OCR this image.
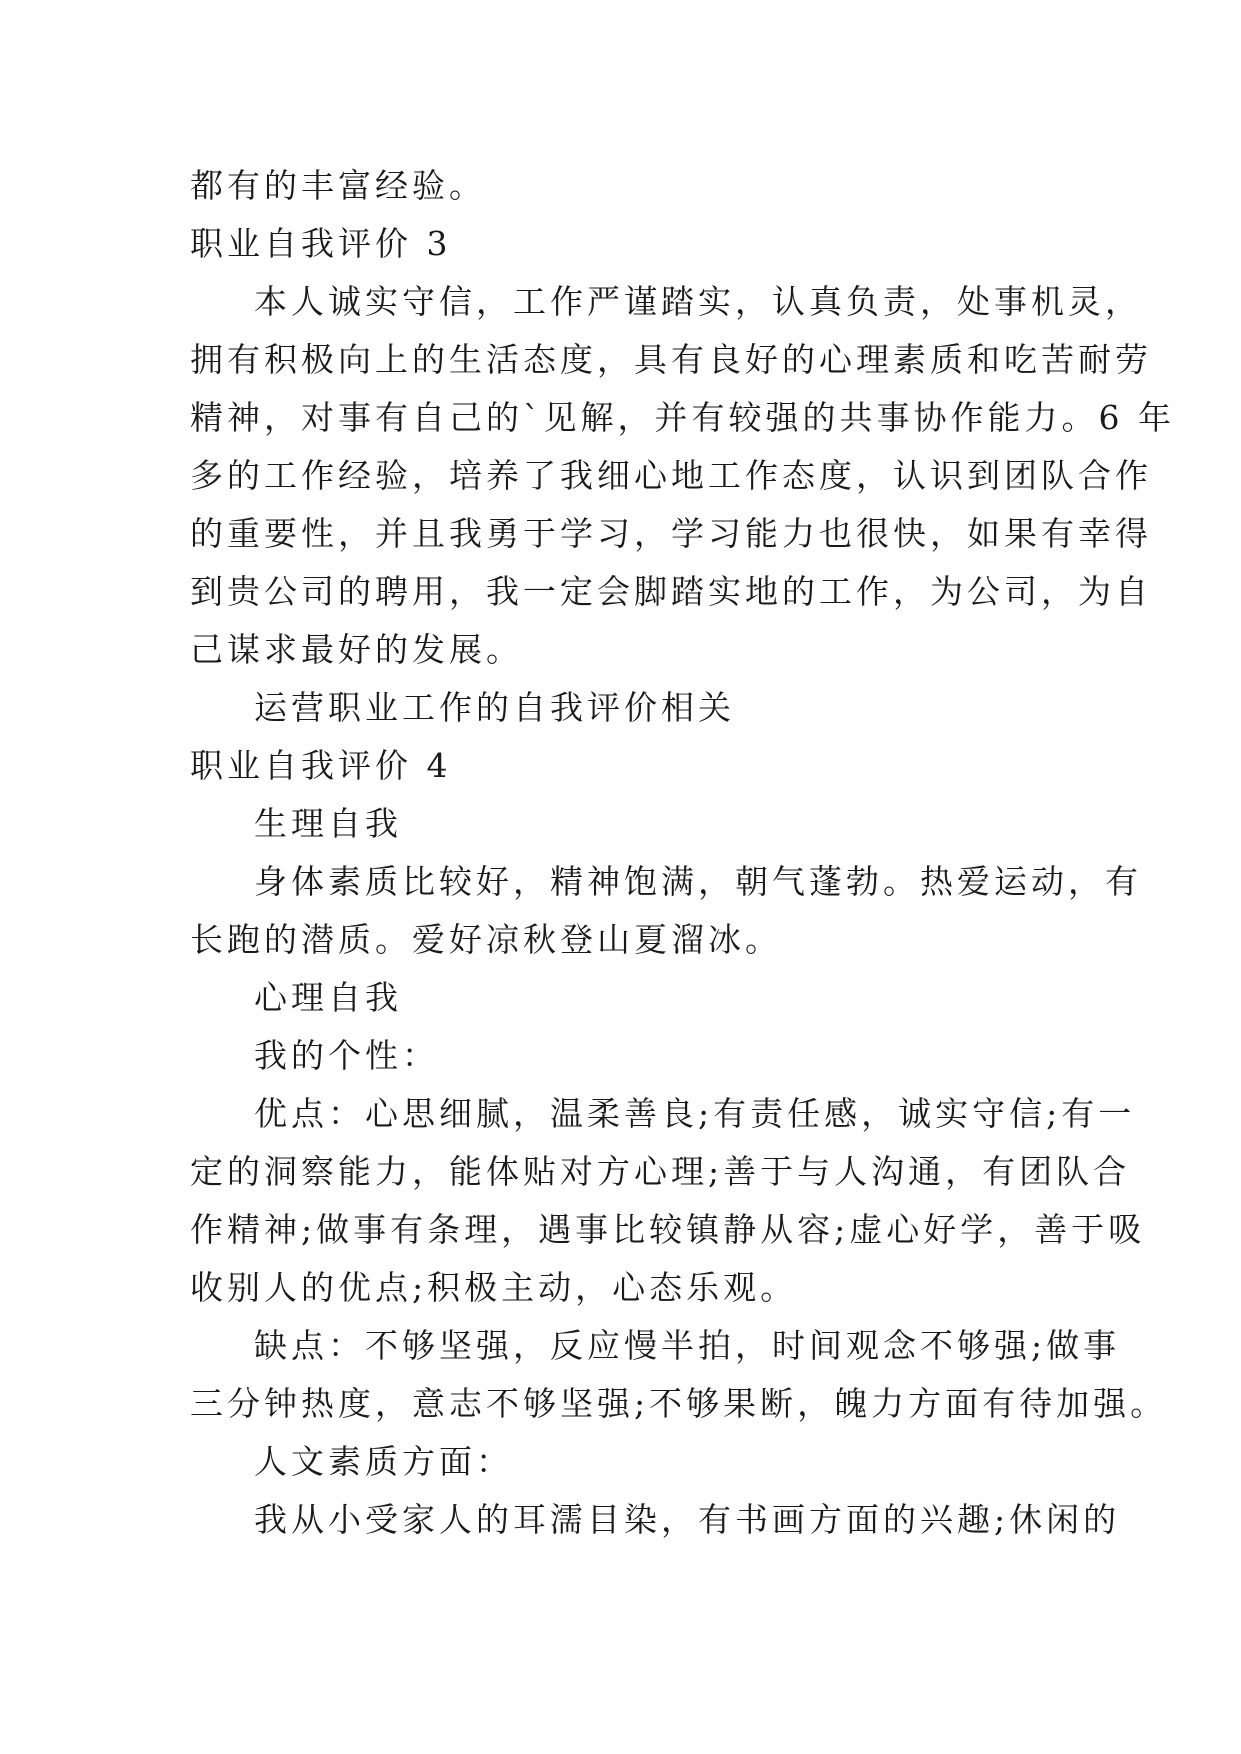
都有的丰富经验。
职业自我评价 3
本人诚实守信，工作严谨踏实，认真负责，处事机灵，
拥有积极向上的生活态度，具有良好的心理素质和吃苦耐劳
精神，对事有自己的`见解，并有较强的共事协作能力。6 年
多的工作经验，培养了我细心地工作态度，认识到团队合作
的重要性，并且我勇于学习，学习能力也很快，如果有幸得
到贵公司的聘用，我一定会脚踏实地的工作，为公司，为自
己谋求最好的发展。
运营职业工作的自我评价相关
职业自我评价 4
生理自我
身体素质比较好，精神饱满，朝气蓬勃。热爱运动，有
长跑的潜质。爱好凉秋登山夏溜冰。
心理自我
我的个性：
优点：心思细腻，温柔善良;有责任感，诚实守信;有一
定的洞察能力，能体贴对方心理;善于与人沟通，有团队合
作精神;做事有条理，遇事比较镇静从容;虚心好学，善于吸
收别人的优点;积极主动，心态乐观。
缺点：不够坚强，反应慢半拍，时间观念不够强;做事
三分钟热度，意志不够坚强;不够果断，魄力方面有待加强。
人文素质方面：
我从小受家人的耳濡目染，有书画方面的兴趣;休闲的
